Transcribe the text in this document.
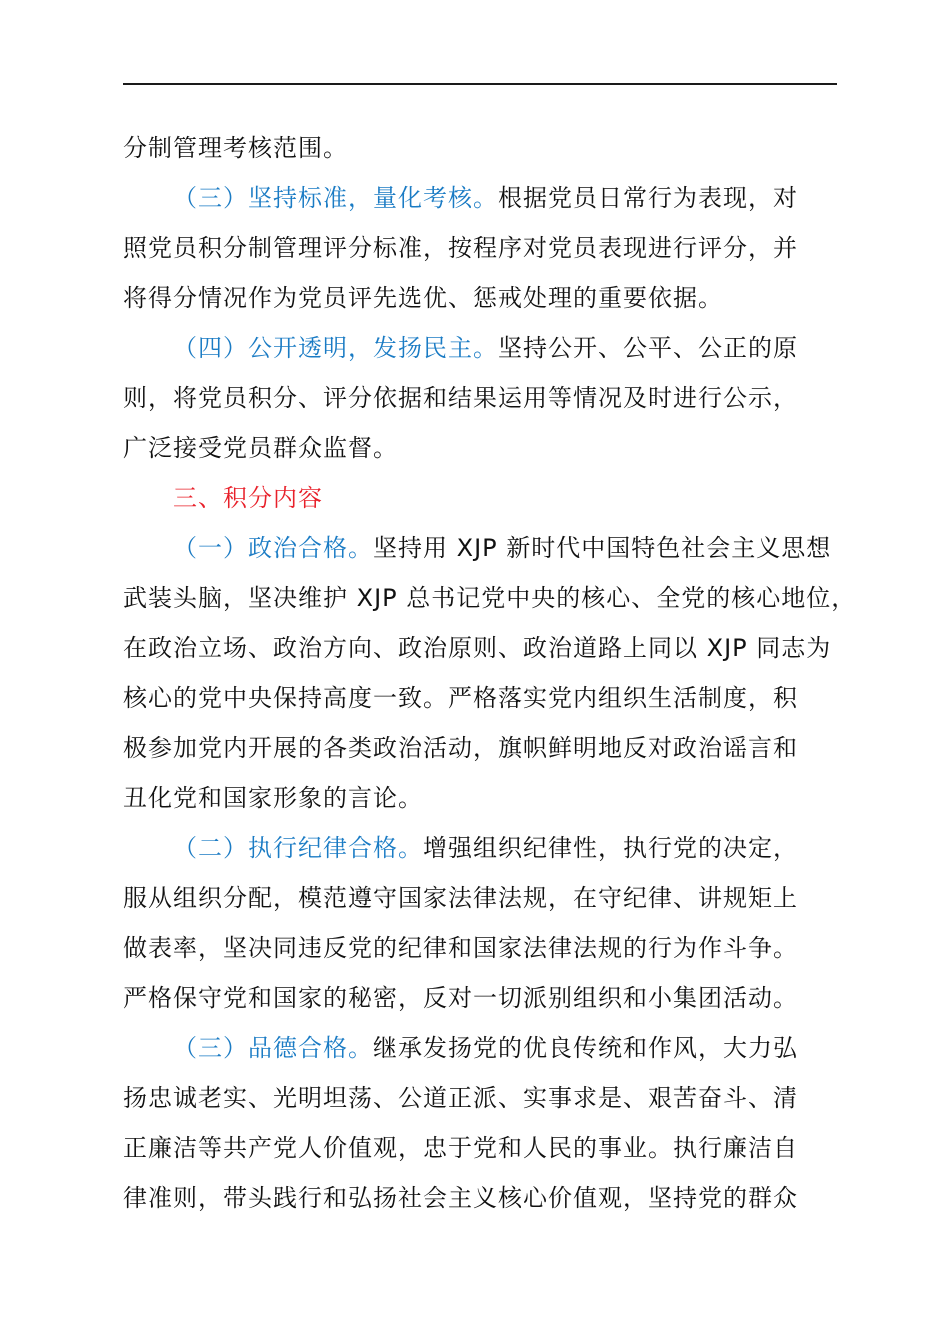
分制管理考核范围。
（三）坚持标准，量化考核。根据党员日常行为表现，对
照党员积分制管理评分标准，按程序对党员表现进行评分，并
将得分情况作为党员评先选优、惩戒处理的重要依据。
（四）公开透明，发扬民主。坚持公开、公平、公正的原
则，将党员积分、评分依据和结果运用等情况及时进行公示，
广泛接受党员群众监督。
三、积分内容
（一）政治合格。坚持用 XJP 新时代中国特色社会主义思想
武装头脑，坚决维护 XJP 总书记党中央的核心、全党的核心地位，
在政治立场、政治方向、政治原则、政治道路上同以 XJP 同志为
核心的党中央保持高度一致。严格落实党内组织生活制度，积
极参加党内开展的各类政治活动，旗帜鲜明地反对政治谣言和
丑化党和国家形象的言论。
（二）执行纪律合格。增强组织纪律性，执行党的决定，
服从组织分配，模范遵守国家法律法规，在守纪律、讲规矩上
做表率，坚决同违反党的纪律和国家法律法规的行为作斗争。
严格保守党和国家的秘密，反对一切派别组织和小集团活动。
（三）品德合格。继承发扬党的优良传统和作风，大力弘
扬忠诚老实、光明坦荡、公道正派、实事求是、艰苦奋斗、清
正廉洁等共产党人价值观，忠于党和人民的事业。执行廉洁自
律准则，带头践行和弘扬社会主义核心价值观，坚持党的群众
